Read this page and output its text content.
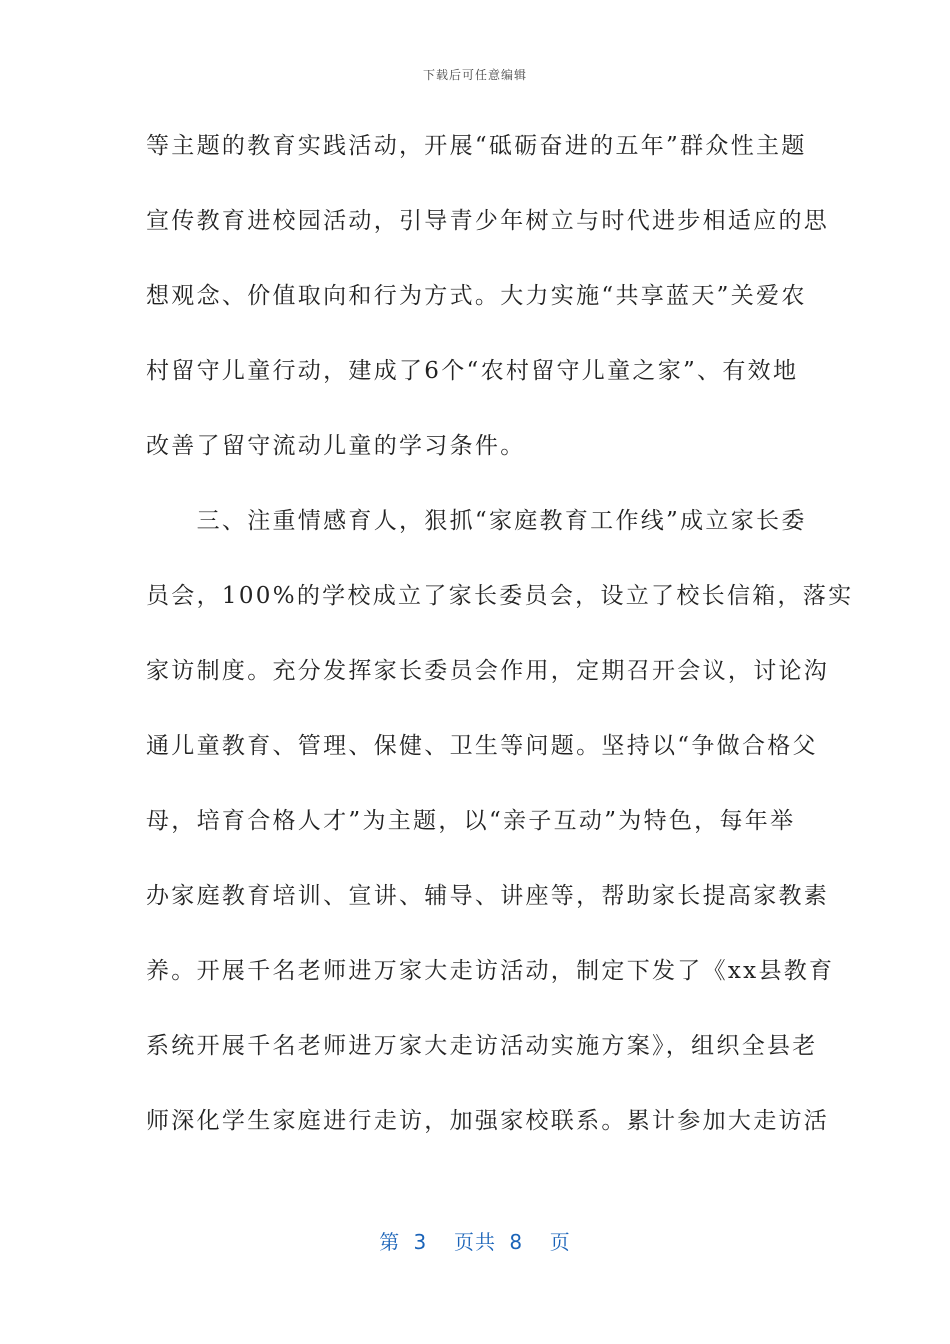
下载后可任意编辑
等主题的教育实践活动，开展“砥砺奋进的五年”群众性主题
宣传教育进校园活动，引导青少年树立与时代进步相适应的思
想观念、价值取向和行为方式。大力实施“共享蓝天”关爱农
村留守儿童行动，建成了6个“农村留守儿童之家”、有效地
改善了留守流动儿童的学习条件。
　　三、注重情感育人，狠抓“家庭教育工作线”成立家长委
员会，100%的学校成立了家长委员会，设立了校长信箱，落实
家访制度。充分发挥家长委员会作用，定期召开会议，讨论沟
通儿童教育、管理、保健、卫生等问题。坚持以“争做合格父
母，培育合格人才”为主题，以“亲子互动”为特色，每年举
办家庭教育培训、宣讲、辅导、讲座等，帮助家长提高家教素
养。开展千名老师进万家大走访活动，制定下发了《xx县教育
系统开展千名老师进万家大走访活动实施方案》，组织全县老
师深化学生家庭进行走访，加强家校联系。累计参加大走访活
第 3  页共 8  页
